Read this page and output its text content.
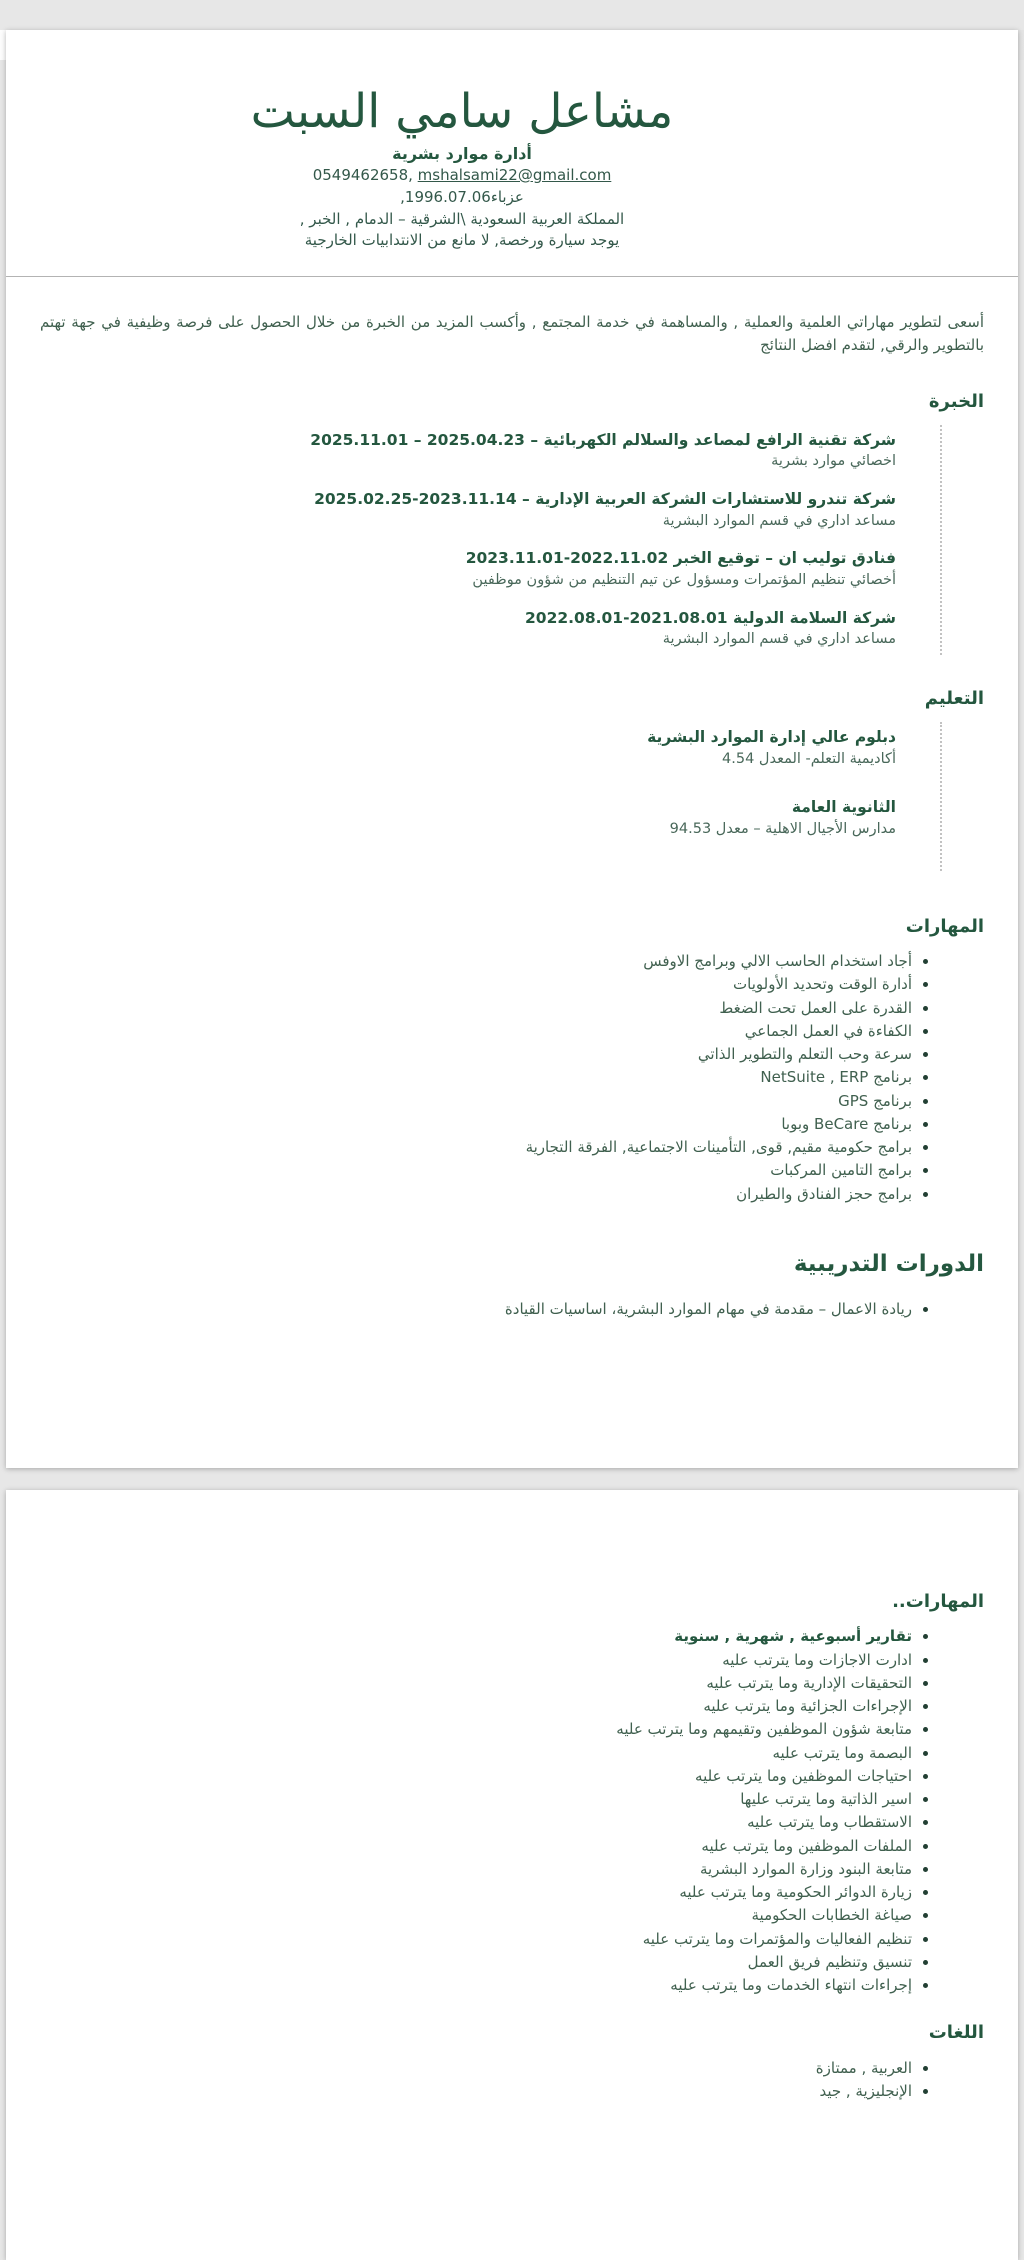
مشاعل سامي السبت
أدارة موارد بشرية
0549462658, mshalsami22@gmail.com
,1996.07.06عزباء
المملكة العربية السعودية \الشرقية – الدمام , الخبر ,
يوجد سيارة ورخصة, لا مانع من الانتدابيات الخارجية
أسعى لتطوير مهاراتي العلمية والعملية , والمساهمة في خدمة المجتمع , وأكسب المزيد من الخبرة من خلال الحصول على فرصة وظيفية في جهة تهتم بالتطوير والرقي, لتقدم افضل النتائج
الخبرة
شركة تقنية الرافع لمصاعد والسلالم الكهربائية – 2025.11.01 – 2025.04.23
اخصائي موارد بشرية
شركة تندرو للاستشارات الشركة العربية الإدارية – 2025.02.25-2023.11.14
مساعد اداري في قسم الموارد البشرية
فنادق توليب ان – توقيع الخبر 2023.11.01-2022.11.02
أخصائي تنظيم المؤتمرات ومسؤول عن تيم التنظيم من شؤون موظفين
شركة السلامة الدولية 2022.08.01-2021.08.01
مساعد اداري في قسم الموارد البشرية
التعليم
دبلوم عالي إدارة الموارد البشرية
أكاديمية التعلم- المعدل 4.54
الثانوية العامة
مدارس الأجيال الاهلية – معدل 94.53
المهارات
• أجاد استخدام الحاسب الالي وبرامج الاوفس
• أدارة الوقت وتحديد الأولويات
• القدرة على العمل تحت الضغط
• الكفاءة في العمل الجماعي
• سرعة وحب التعلم والتطوير الذاتي
• برنامج NetSuite , ERP
• برنامج GPS
• برنامج BeCare وبوبا
• برامج حكومية مقيم, قوى, التأمينات الاجتماعية, الفرقة التجارية
• برامج التامين المركبات
• برامج حجز الفنادق والطيران
الدورات التدريبية
• ريادة الاعمال – مقدمة في مهام الموارد البشرية، اساسيات القيادة
المهارات..
• تقارير أسبوعية , شهرية , سنوية
• ادارت الاجازات وما يترتب عليه
• التحقيقات الإدارية وما يترتب عليه
• الإجراءات الجزائية وما يترتب عليه
• متابعة شؤون الموظفين وتقيمهم وما يترتب عليه
• البصمة وما يترتب عليه
• احتياجات الموظفين وما يترتب عليه
• اسير الذاتية وما يترتب عليها
• الاستقطاب وما يترتب عليه
• الملفات الموظفين وما يترتب عليه
• متابعة البنود وزارة الموارد البشرية
• زيارة الدوائر الحكومية وما يترتب عليه
• صياغة الخطابات الحكومية
• تنظيم الفعاليات والمؤتمرات وما يترتب عليه
• تنسيق وتنظيم فريق العمل
• إجراءات انتهاء الخدمات وما يترتب عليه
اللغات
• العربية , ممتازة
• الإنجليزية , جيد
